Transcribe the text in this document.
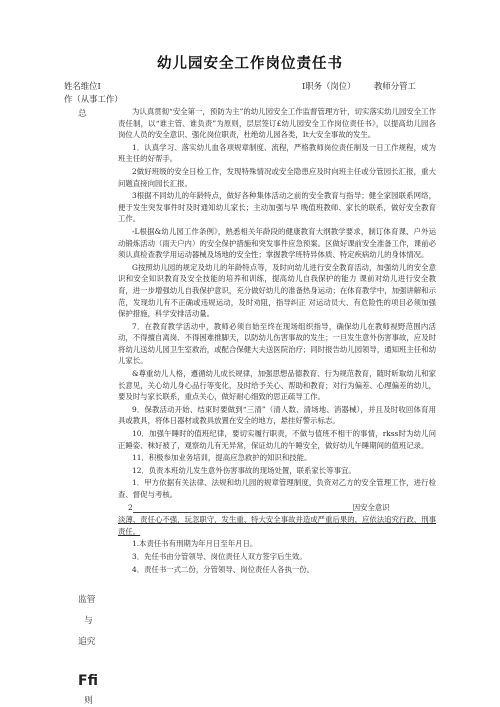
幼儿园安全工作岗位责任书
姓名维位I	I职务（岗位） 教师分管工
作（从事工作）
总
监管
与
追究
Ffi
则

为认真贯彻“安全第一，预防为主”的幼儿园安全工作监督管理方针，切实落实幼儿园安全工作责任制，以“谁主管、谁负责”为原则，层层签订£幼儿园安全工作岗位责任书》，以提高幼儿园各岗位人员的安全意识、强化岗位职责，杜绝幼儿园各类，It大安全事故的发生。

1．认真学习、落实幼儿血各项规章制度、流程，严格教师岗位责任制及一日工作规程，成为班主任的好帮手。

2做好班级的安全日检工作，发现特殊情况或安全隐患应及时向班主任或分管园长汇报，重大问题直接向园长汇报。

3根据不同幼儿的年龄特点，做好各种集体活动之前的安全教育与指导；健全家园联系网络，便于发生突发事件时及时通知幼儿家长；主动加强与早 晚值班教师、家长的联系，做好安全教育工作。

-L根据&幼儿园工作条例》，熟悉相关年龄段的健康教育大纲教学要求，制订体育课、户外运动锻炼活动（雨天户内）的安全保护措施和突发事件应急预案。区做好课前安全准备工作，课前必须认真检查教学用运动器械及场地的安全性；掌握教学班特异体质、特定疾病幼儿的身体情况。

G按照幼儿园的规定及幼儿的年龄特点等，及时向幼儿进行安全教育活动，加强幼儿的安全意识和安全知识教育及安全技能的培养和训练，提高幼儿自我保护的能力 课前对幼儿进行安全教育，进一步增强幼儿自我保护意识，充分做好幼儿的准备热身运动；在体育教学中，加强讲解和示范，发现幼儿有不正确或违规运动，及时劝阻，指导纠正 对运动员大、有危险性的项目必须加强保护措施，科学安排活动量。

7．在教育教学活动中，教师必须自始至终在现场组织指导，确保幼儿在教师视野范围内活动，不得擅自离岗、不得困难推脚天，以防幼儿伤害事故的发生；一旦发生意外伤害事故，应及时将幼儿送幼儿园卫生室救治，或配合保健大夫送医院治疗；同时报告幼儿园领导，通知班主任和幼儿家长。

&尊重幼儿人格，遵循幼儿成长规律，加强思想品德教育、行为规范教育，随时昕取幼儿和家长意见，关心幼儿身心品行等变化，及时给予关心、帮助和教育；对行为偏差、心理偏差的幼儿，要及时与家长联系，重点关心，做好耐心细致的思正疏导工作。

9．保教活动开始、结束时要做到“三清”（清人数、清场地、消器械），并且及时收回体育用具或教具，将体日器材或教具放置在安全的地方，悬挂好警示标志。

10．加强午睡时的值班纪律，要切实履行职责，不做与值班不相干的事情，rkss时为幼儿问正睡姿、秣好被了，观察幼儿有无异常，保证幼儿的午睡安全，做好幼儿午睡期间的值班记录。

11．积极参加业务培训，提高应急救护的知识和技能。

12．负责本班幼儿发生意外伤害事故的现场处置，联系家长等事宜。

1．甲方依据有关法律、法规和幼儿园的规章管理制度，负资对乙方的安全管理工作，进行检查、督促与考核。

2	因安全意识

淡薄、责任心不强，玩忽职守，发生重、特大安全事故并造成严重后果的，应依法追究行政、刑事责任。

1.本责任书有刑期为年月日至年月日。

3．先任书由分管领导、岗位责任人双方签字后生效。

4．责任书一式二份，分管领导、岗位责任人各执一份。
